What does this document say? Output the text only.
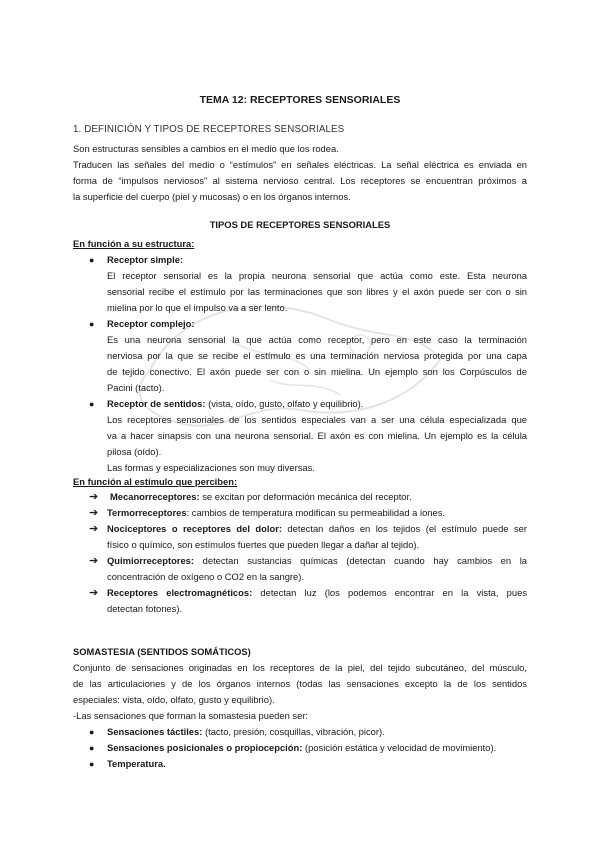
TEMA 12: RECEPTORES SENSORIALES
1. DEFINICIÓN Y TIPOS DE RECEPTORES SENSORIALES
Son estructuras sensibles a cambios en el medio que los rodea.
Traducen las señales del medio o “estímulos” en señales eléctricas. La señal eléctrica es enviada en
forma de “impulsos nerviosos” al sistema nervioso central. Los receptores se encuentran próximos a
la superficie del cuerpo (piel y mucosas) o en los órganos internos.
TIPOS DE RECEPTORES SENSORIALES
En función a su estructura:
● Receptor simple:
El receptor sensorial es la propia neurona sensorial que actúa como este. Esta neurona
sensorial recibe el estímulo por las terminaciones que son libres y el axón puede ser con o sin
mielina por lo que el impulso va a ser lento.
● Receptor complejo:
Es una neurona sensorial la que actúa como receptor, pero en este caso la terminación
nerviosa por la que se recibe el estímulo es una terminación nerviosa protegida por una capa
de tejido conectivo. El axón puede ser con o sin mielina. Un ejemplo son los Corpúsculos de
Pacini (tacto).
● Receptor de sentidos: (vista, oído, gusto, olfato y equilibrio).
Los receptores sensoriales de los sentidos especiales van a ser una célula especializada que
va a hacer sinapsis con una neurona sensorial. El axón es con mielina. Un ejemplo es la célula
pilosa (oído).
Las formas y especializaciones son muy diversas.
En función al estímulo que perciben:
➔ Mecanorreceptores: se excitan por deformación mecánica del receptor.
➔ Termorreceptores: cambios de temperatura modifican su permeabilidad a iones.
➔ Nociceptores o receptores del dolor: detectan daños en los tejidos (el estímulo puede ser
físico o químico, son estímulos fuertes que pueden llegar a dañar al tejido).
➔ Quimiorreceptores: detectan sustancias químicas (detectan cuando hay cambios en la
concentración de oxígeno o CO2 en la sangre).
➔ Receptores electromagnéticos: detectan luz (los podemos encontrar en la vista, pues
detectan fotones).
SOMASTESIA (SENTIDOS SOMÁTICOS)
Conjunto de sensaciones originadas en los receptores de la piel, del tejido subcutáneo, del músculo,
de las articulaciones y de los órganos internos (todas las sensaciones excepto la de los sentidos
especiales: vista, oído, olfato, gusto y equilibrio).
-Las sensaciones que forman la somastesia pueden ser:
● Sensaciones táctiles: (tacto, presión, cosquillas, vibración, picor).
● Sensaciones posicionales o propiocepción: (posición estática y velocidad de movimiento).
● Temperatura.
